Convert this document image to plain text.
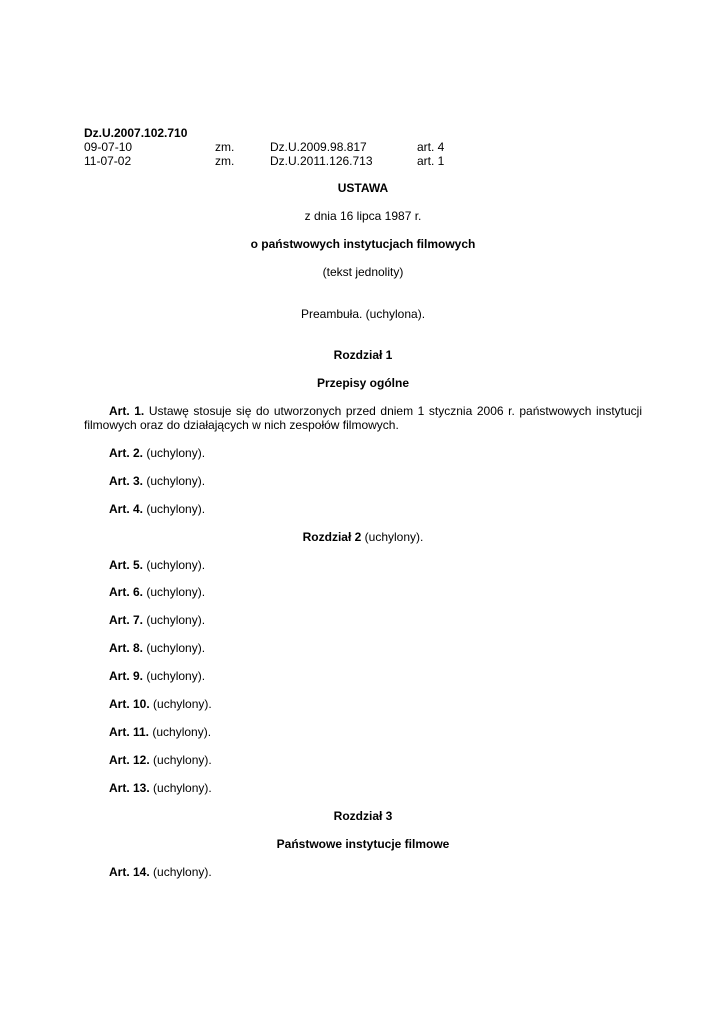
Dz.U.2007.102.710
09-07-10	zm.	Dz.U.2009.98.817	art. 4
11-07-02	zm.	Dz.U.2011.126.713	art. 1
USTAWA
z dnia 16 lipca 1987 r.
o państwowych instytucjach filmowych
(tekst jednolity)
Preambuła. (uchylona).
Rozdział 1
Przepisy ogólne
Art. 1. Ustawę stosuje się do utworzonych przed dniem 1 stycznia 2006 r. państwowych instytucji filmowych oraz do działających w nich zespołów filmowych.
Art. 2. (uchylony).
Art. 3. (uchylony).
Art. 4. (uchylony).
Rozdział 2 (uchylony).
Art. 5. (uchylony).
Art. 6. (uchylony).
Art. 7. (uchylony).
Art. 8. (uchylony).
Art. 9. (uchylony).
Art. 10. (uchylony).
Art. 11. (uchylony).
Art. 12. (uchylony).
Art. 13. (uchylony).
Rozdział 3
Państwowe instytucje filmowe
Art. 14. (uchylony).
